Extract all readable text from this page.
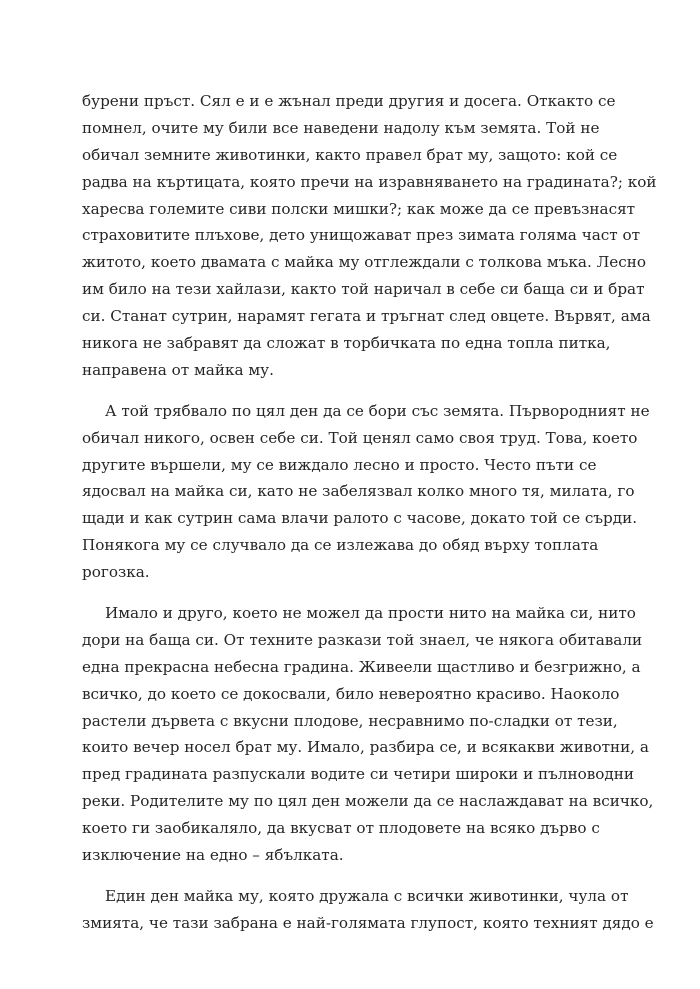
бурени пръст. Сял е и е жънал преди другия и досега. Откакто се
помнел, очите му били все наведени надолу към земята. Той не
обичал земните животинки, както правел брат му, защото: кой се
радва на къртицата, която пречи на изравняването на градината?; кой
харесва големите сиви полски мишки?; как може да се превъзнасят
страховитите плъхове, дето унищожават през зимата голяма част от
житото, което двамата с майка му отглеждали с толкова мъка. Лесно
им било на тези хайлази, както той наричал в себе си баща си и брат
си. Станат сутрин, нарамят гегата и тръгнат след овцете. Вървят, ама
никога не забравят да сложат в торбичката по една топла питка,
направена от майка му.
А той трябвало по цял ден да се бори със земята. Първородният не
обичал никого, освен себе си. Той ценял само своя труд. Това, което
другите вършели, му се виждало лесно и просто. Често пъти се
ядосвал на майка си, като не забелязвал колко много тя, милата, го
щади и как сутрин сама влачи ралото с часове, докато той се сърди.
Понякога му се случвало да се излежава до обяд върху топлата
рогозка.
Имало и друго, което не можел да прости нито на майка си, нито
дори на баща си. От техните разкази той знаел, че някога обитавали
една прекрасна небесна градина. Живеели щастливо и безгрижно, а
всичко, до което се докосвали, било невероятно красиво. Наоколо
растели дървета с вкусни плодове, несравнимо по-сладки от тези,
които вечер носел брат му. Имало, разбира се, и всякакви животни, а
пред градината разпускали водите си четири широки и пълноводни
реки. Родителите му по цял ден можели да се наслаждават на всичко,
което ги заобикаляло, да вкусват от плодовете на всяко дърво с
изключение на едно – ябълката.
Един ден майка му, която дружала с всички животинки, чула от
змията, че тази забрана е най-голямата глупост, която техният дядо е
